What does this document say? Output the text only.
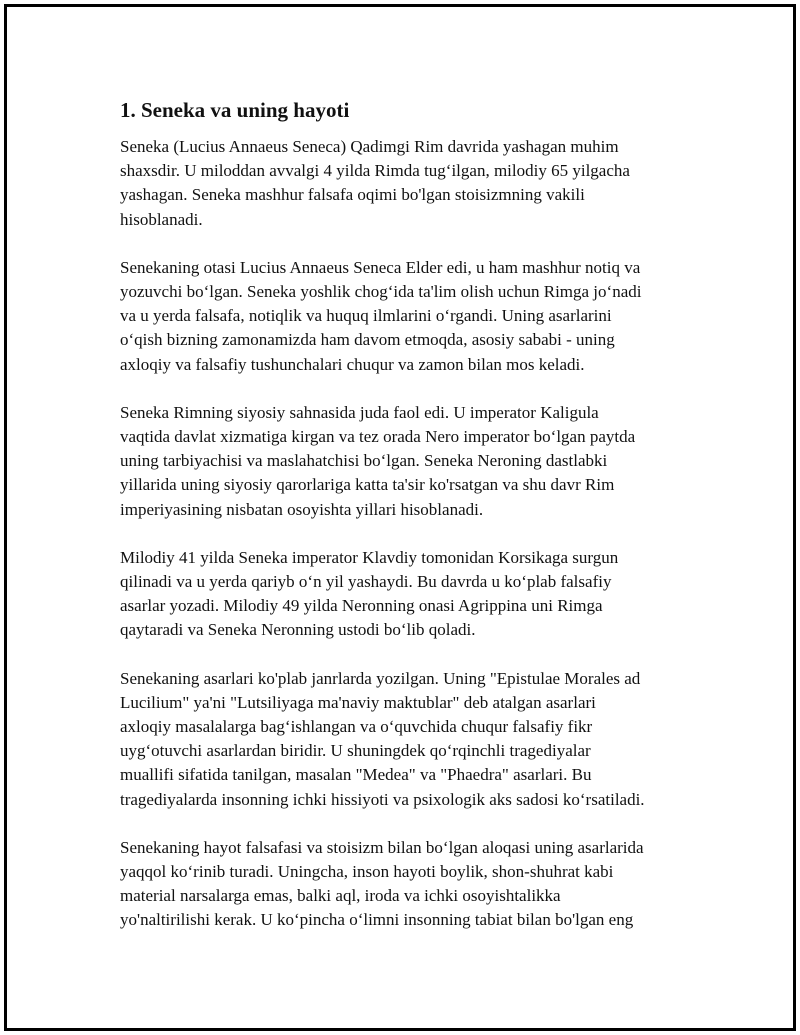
1. Seneka va uning hayoti

Seneka (Lucius Annaeus Seneca) Qadimgi Rim davrida yashagan muhim
shaxsdir. U miloddan avvalgi 4 yilda Rimda tug‘ilgan, milodiy 65 yilgacha
yashagan. Seneka mashhur falsafa oqimi bo'lgan stoisizmning vakili
hisoblanadi.

Senekaning otasi Lucius Annaeus Seneca Elder edi, u ham mashhur notiq va
yozuvchi bo‘lgan. Seneka yoshlik chog‘ida ta'lim olish uchun Rimga jo‘nadi
va u yerda falsafa, notiqlik va huquq ilmlarini o‘rgandi. Uning asarlarini
o‘qish bizning zamonamizda ham davom etmoqda, asosiy sababi - uning
axloqiy va falsafiy tushunchalari chuqur va zamon bilan mos keladi.

Seneka Rimning siyosiy sahnasida juda faol edi. U imperator Kaligula
vaqtida davlat xizmatiga kirgan va tez orada Nero imperator bo‘lgan paytda
uning tarbiyachisi va maslahatchisi bo‘lgan. Seneka Neroning dastlabki
yillarida uning siyosiy qarorlariga katta ta'sir ko'rsatgan va shu davr Rim
imperiyasining nisbatan osoyishta yillari hisoblanadi.

Milodiy 41 yilda Seneka imperator Klavdiy tomonidan Korsikaga surgun
qilinadi va u yerda qariyb o‘n yil yashaydi. Bu davrda u ko‘plab falsafiy
asarlar yozadi. Milodiy 49 yilda Neronning onasi Agrippina uni Rimga
qaytaradi va Seneka Neronning ustodi bo‘lib qoladi.

Senekaning asarlari ko'plab janrlarda yozilgan. Uning "Epistulae Morales ad
Lucilium" ya'ni "Lutsiliyaga ma'naviy maktublar" deb atalgan asarlari
axloqiy masalalarga bag‘ishlangan va o‘quvchida chuqur falsafiy fikr
uyg‘otuvchi asarlardan biridir. U shuningdek qo‘rqinchli tragediyalar
muallifi sifatida tanilgan, masalan "Medea" va "Phaedra" asarlari. Bu
tragediyalarda insonning ichki hissiyoti va psixologik aks sadosi ko‘rsatiladi.

Senekaning hayot falsafasi va stoisizm bilan bo‘lgan aloqasi uning asarlarida
yaqqol ko‘rinib turadi. Uningcha, inson hayoti boylik, shon-shuhrat kabi
material narsalarga emas, balki aql, iroda va ichki osoyishtalikka
yo'naltirilishi kerak. U ko‘pincha o‘limni insonning tabiat bilan bo'lgan eng
